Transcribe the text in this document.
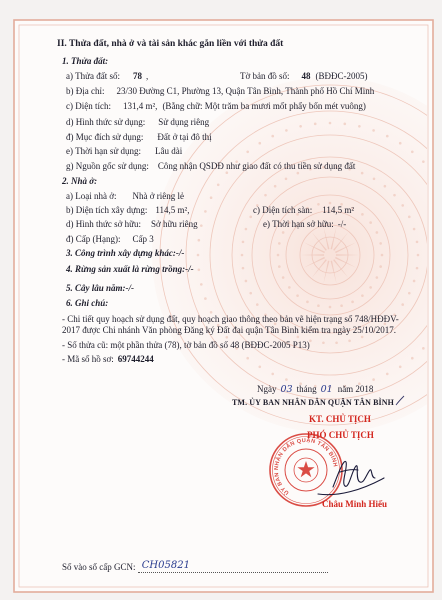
II. Thửa đất, nhà ở và tài sản khác gắn liền với thửa đất
1. Thửa đất:
a) Thửa đất số: 78 ,	Tờ bản đồ số: 48 (BĐĐC-2005)
b) Địa chỉ: 23/30 Đường C1, Phường 13, Quận Tân Bình, Thành phố Hồ Chí Minh
c) Diện tích: 131,4 m², (Bằng chữ: Một trăm ba mươi mốt phẩy bốn mét vuông)
d) Hình thức sử dụng: Sử dụng riêng
đ) Mục đích sử dụng: Đất ở tại đô thị
e) Thời hạn sử dụng: Lâu dài
g) Nguồn gốc sử dụng: Công nhận QSDĐ như giao đất có thu tiền sử dụng đất
2. Nhà ở:
a) Loại nhà ở: Nhà ở riêng lẻ
b) Diện tích xây dựng: 114,5 m²,	c) Diện tích sàn: 114,5 m²
d) Hình thức sở hữu: Sở hữu riêng	e) Thời hạn sở hữu: -/-
đ) Cấp (Hạng): Cấp 3
3. Công trình xây dựng khác:-/-
4. Rừng sản xuất là rừng trồng:-/-
5. Cây lâu năm:-/-
6. Ghi chú:
- Chi tiết quy hoạch sử dụng đất, quy hoạch giao thông theo bản vẽ hiện trạng số 748/HĐĐV-
2017 được Chi nhánh Văn phòng Đăng ký Đất đai quận Tân Bình kiểm tra ngày 25/10/2017.
- Số thửa cũ: một phần thửa (78), tờ bản đồ số 48 (BĐĐC-2005 P13)
- Mã số hồ sơ: 69744244
Ngày 03 tháng 01 năm 2018
TM. ỦY BAN NHÂN DÂN QUẬN TÂN BÌNH
KT. CHỦ TỊCH
PHÓ CHỦ TỊCH
ỦY BAN NHÂN DÂN QUẬN TÂN BÌNH
Châu Minh Hiếu
Số vào sổ cấp GCN: CH05821
